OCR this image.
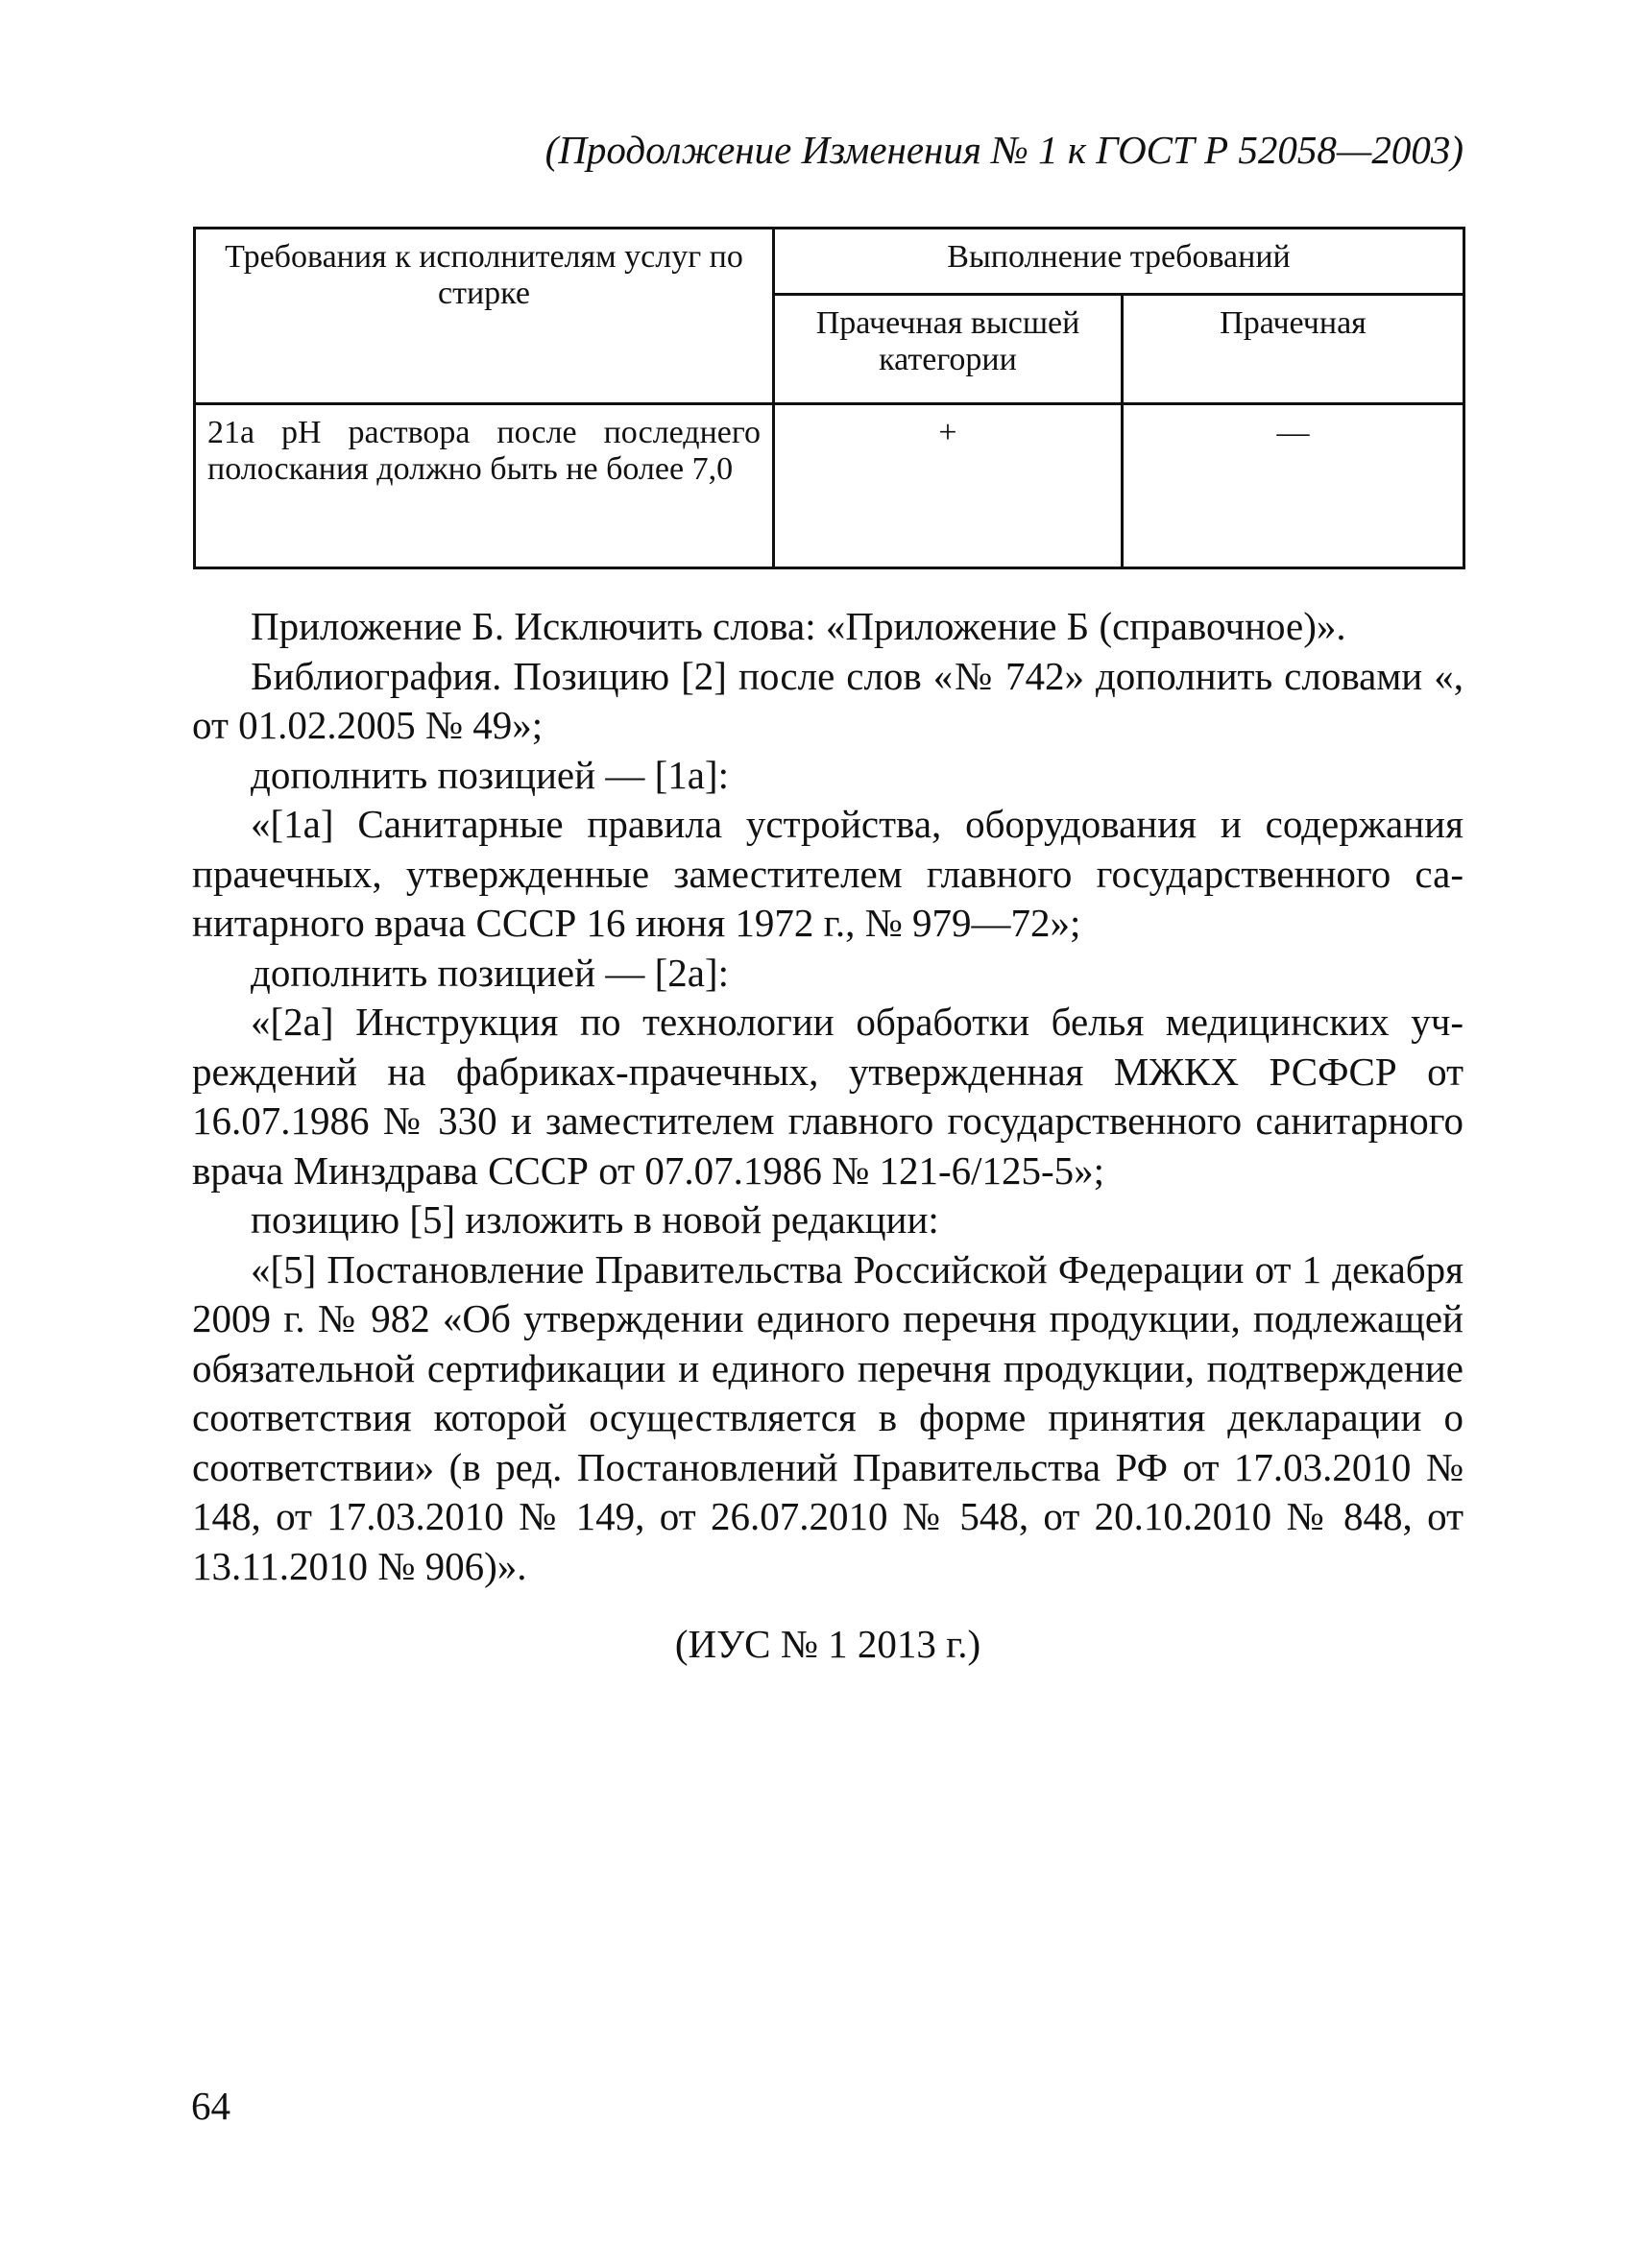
(Продолжение Изменения № 1 к ГОСТ Р 52058—2003)
Требования к исполнителям услуг по стирке	Выполнение требований	
	Прачечная высшей категории	Прачечная
21а pH раствора после последнего полоскания должно быть не более 7,0	+	—

Приложение Б. Исключить слова: «Приложение Б (справочное)».

Библиография. Позицию [2] после слов «№ 742» дополнить словами «, от 01.02.2005 № 49»;

дополнить позицией — [1а]:

«[1а] Санитарные правила устройства, оборудования и содержания прачечных, утвержденные заместителем главного государственного санитарного врача СССР 16 июня 1972 г., № 979—72»;

дополнить позицией — [2а]:

«[2а] Инструкция по технологии обработки белья медицинских учреждений на фабриках-прачечных, утвержденная МЖКХ РСФСР от 16.07.1986 № 330 и заместителем главного государственного санитарного врача Минздрава СССР от 07.07.1986 № 121-6/125-5»;

позицию [5] изложить в новой редакции:

«[5] Постановление Правительства Российской Федерации от 1 декабря 2009 г. № 982 «Об утверждении единого перечня продукции, подлежащей обязательной сертификации и единого перечня продукции, подтверждение соответствия которой осуществляется в форме принятия декларации о соответствии» (в ред. Постановлений Правительства РФ от 17.03.2010 № 148, от 17.03.2010 № 149, от 26.07.2010 № 548, от 20.10.2010 № 848, от 13.11.2010 № 906)».

(ИУС № 1 2013 г.)
64
